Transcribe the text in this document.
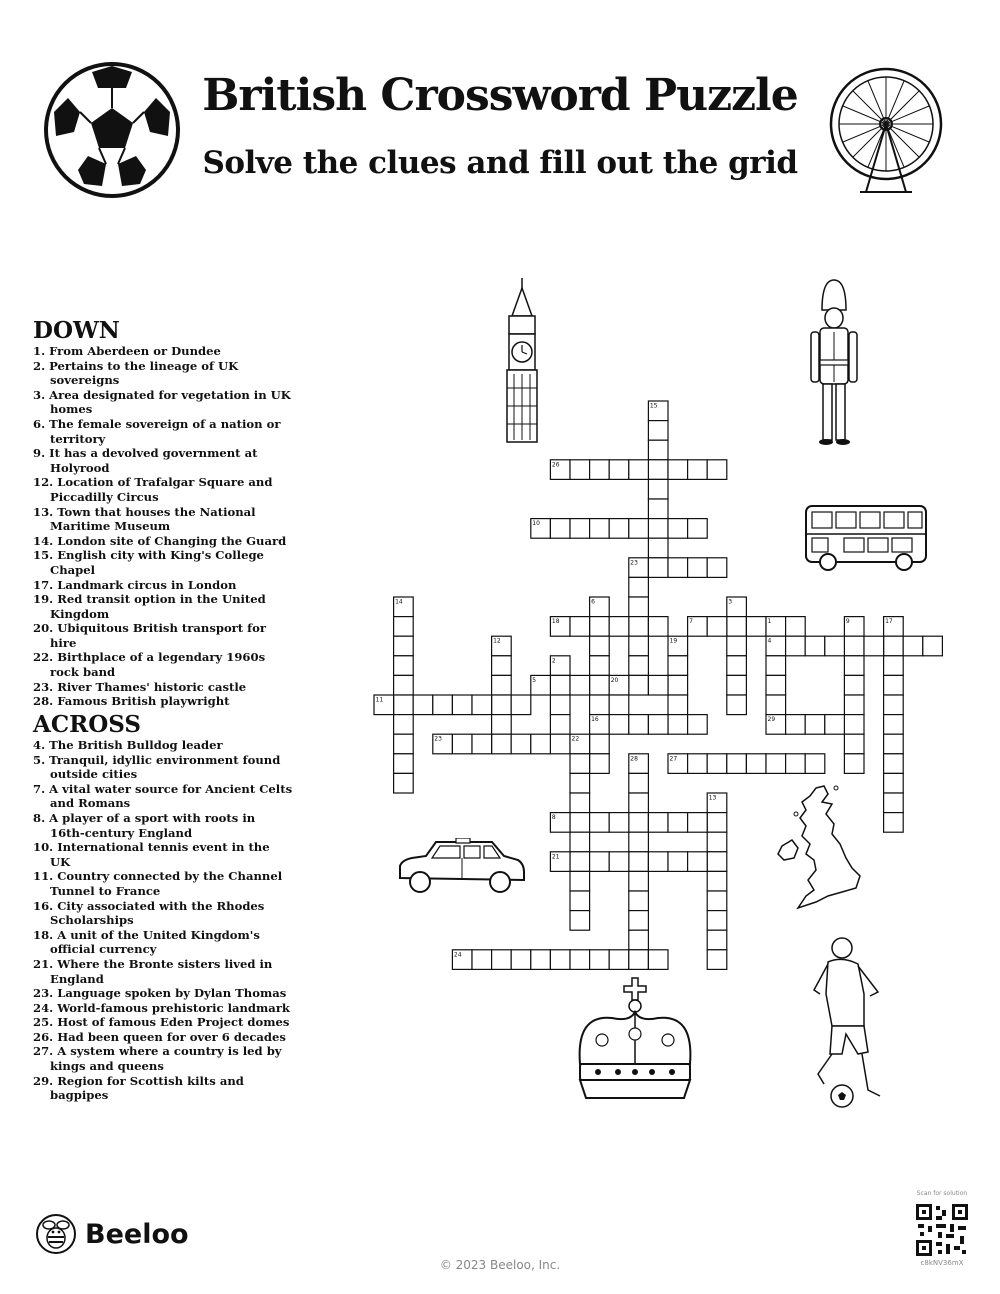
British Crossword Puzzle
Solve the clues and fill out the grid
DOWN
1. From Aberdeen or Dundee
2. Pertains to the lineage of UK sovereigns
3. Area designated for vegetation in UK homes
6. The female sovereign of a nation or territory
9. It has a devolved government at Holyrood
12. Location of Trafalgar Square and Piccadilly Circus
13. Town that houses the National Maritime Museum
14. London site of Changing the Guard
15. English city with King's College Chapel
17. Landmark circus in London
19. Red transit option in the United Kingdom
20. Ubiquitous British transport for hire
22. Birthplace of a legendary 1960s rock band
23. River Thames' historic castle
28. Famous British playwright
ACROSS
4. The British Bulldog leader
5. Tranquil, idyllic environment found outside cities
7. A vital water source for Ancient Celts and Romans
8. A player of a sport with roots in 16th-century England
10. International tennis event in the UK
11. Country connected by the Channel Tunnel to France
16. City associated with the Rhodes Scholarships
18. A unit of the United Kingdom's official currency
21. Where the Bronte sisters lived in England
23. Language spoken by Dylan Thomas
24. World-famous prehistoric landmark
25. Host of famous Eden Project domes
26. Had been queen for over 6 decades
27. A system where a country is led by kings and queens
29. Region for Scottish kilts and bagpipes
15
26
10
23
14	6	3
18	7	1	9	17
12	19	4
2
5	20
11
16	29
23	22
28	27
13
8
21
24
Beeloo
© 2023 Beeloo, Inc.
Scan for solution
c8kNV36mX
